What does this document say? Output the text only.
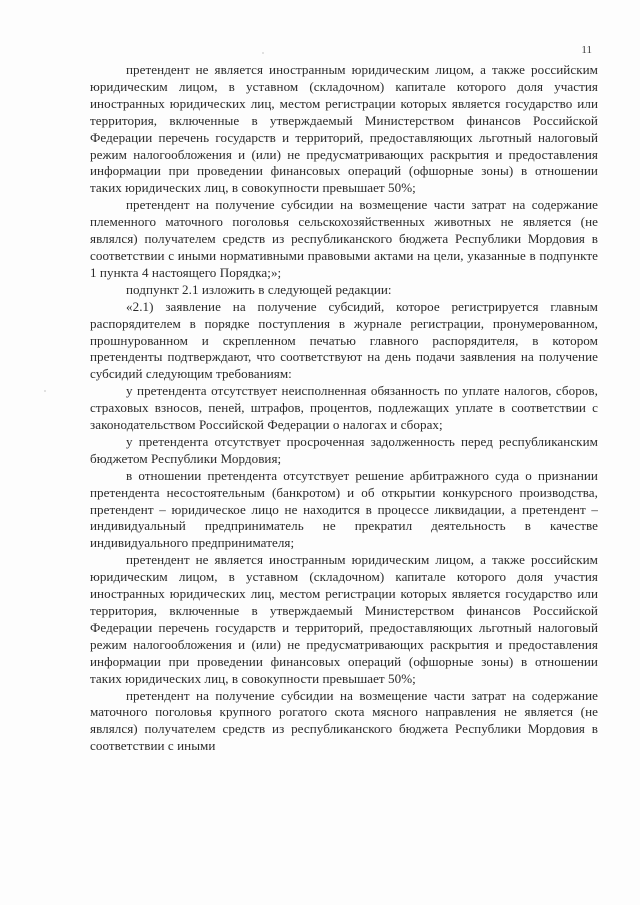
11

претендент не является иностранным юридическим лицом, а также российским юридическим лицом, в уставном (складочном) капитале которого доля участия иностранных юридических лиц, местом регистрации которых является государство или территория, включенные в утверждаемый Министерством финансов Российской Федерации перечень государств и территорий, предоставляющих льготный налоговый режим налогообложения и (или) не предусматривающих раскрытия и предоставления информации при проведении финансовых операций (офшорные зоны) в отношении таких юридических лиц, в совокупности превышает 50%;

претендент на получение субсидии на возмещение части затрат на содержание племенного маточного поголовья сельскохозяйственных животных не является (не являлся) получателем средств из республиканского бюджета Республики Мордовия в соответствии с иными нормативными правовыми актами на цели, указанные в подпункте 1 пункта 4 настоящего Порядка;»;

подпункт 2.1 изложить в следующей редакции:

«2.1) заявление на получение субсидий, которое регистрируется главным распорядителем в порядке поступления в журнале регистрации, пронумерованном, прошнурованном и скрепленном печатью главного распорядителя, в котором претенденты подтверждают, что соответствуют на день подачи заявления на получение субсидий следующим требованиям:

у претендента отсутствует неисполненная обязанность по уплате налогов, сборов, страховых взносов, пеней, штрафов, процентов, подлежащих уплате в соответствии с законодательством Российской Федерации о налогах и сборах;

у претендента отсутствует просроченная задолженность перед республиканским бюджетом Республики Мордовия;

в отношении претендента отсутствует решение арбитражного суда о признании претендента несостоятельным (банкротом) и об открытии конкурсного производства, претендент – юридическое лицо не находится в процессе ликвидации, а претендент – индивидуальный предприниматель не прекратил деятельность в качестве индивидуального предпринимателя;

претендент не является иностранным юридическим лицом, а также российским юридическим лицом, в уставном (складочном) капитале которого доля участия иностранных юридических лиц, местом регистрации которых является государство или территория, включенные в утверждаемый Министерством финансов Российской Федерации перечень государств и территорий, предоставляющих льготный налоговый режим налогообложения и (или) не предусматривающих раскрытия и предоставления информации при проведении финансовых операций (офшорные зоны) в отношении таких юридических лиц, в совокупности превышает 50%;

претендент на получение субсидии на возмещение части затрат на содержание маточного поголовья крупного рогатого скота мясного направления не является (не являлся) получателем средств из республиканского бюджета Республики Мордовия в соответствии с иными
